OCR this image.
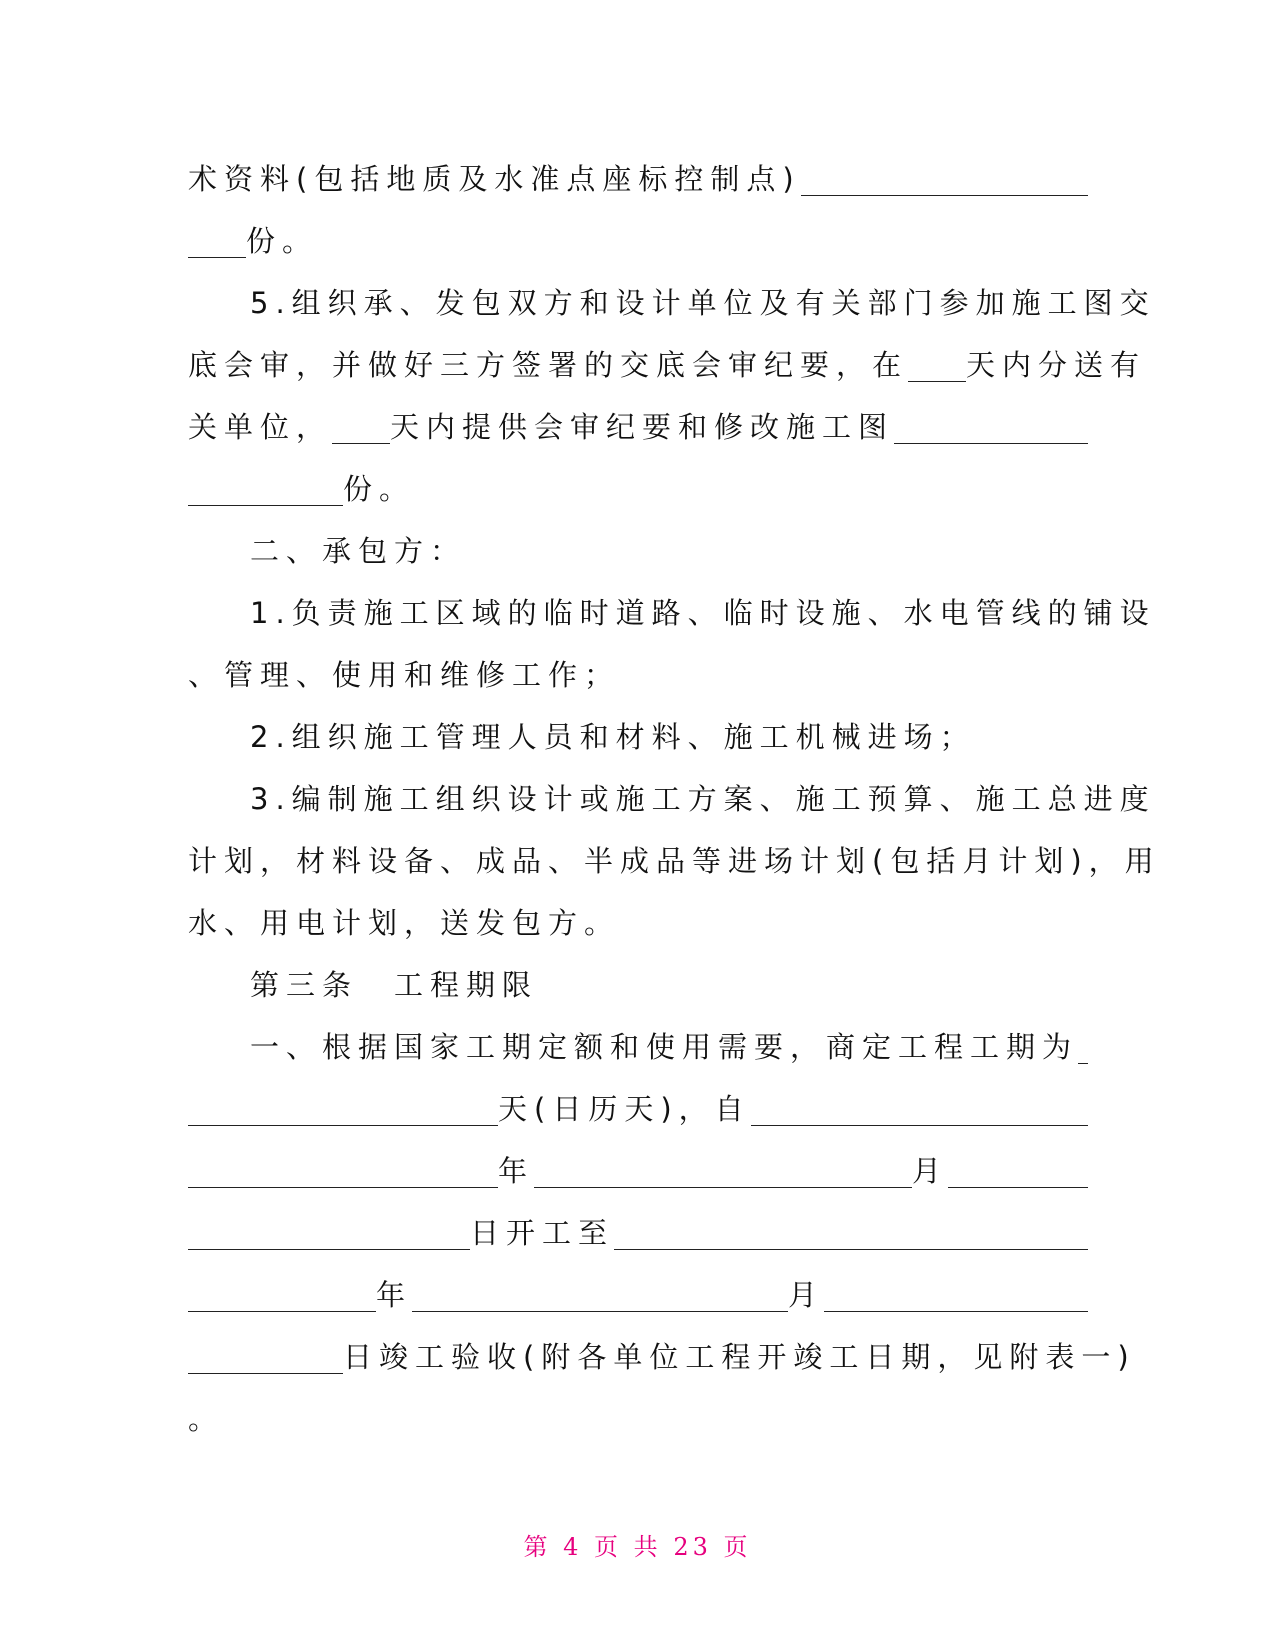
术资料(包括地质及水准点座标控制点)
份。
5.组织承、发包双方和设计单位及有关部门参加施工图交
底会审，并做好三方签署的交底会审纪要，在 天内分送有
关单位， 天内提供会审纪要和修改施工图
份。
二、承包方：
1.负责施工区域的临时道路、临时设施、水电管线的铺设
、管理、使用和维修工作；
2.组织施工管理人员和材料、施工机械进场；
3.编制施工组织设计或施工方案、施工预算、施工总进度
计划，材料设备、成品、半成品等进场计划(包括月计划)，用
水、用电计划，送发包方。
第三条　工程期限
一、根据国家工期定额和使用需要，商定工程工期为
天(日历天)，自
年	月
日开工至
年	月
日竣工验收(附各单位工程开竣工日期，见附表一)
。
第 4 页 共 23 页
